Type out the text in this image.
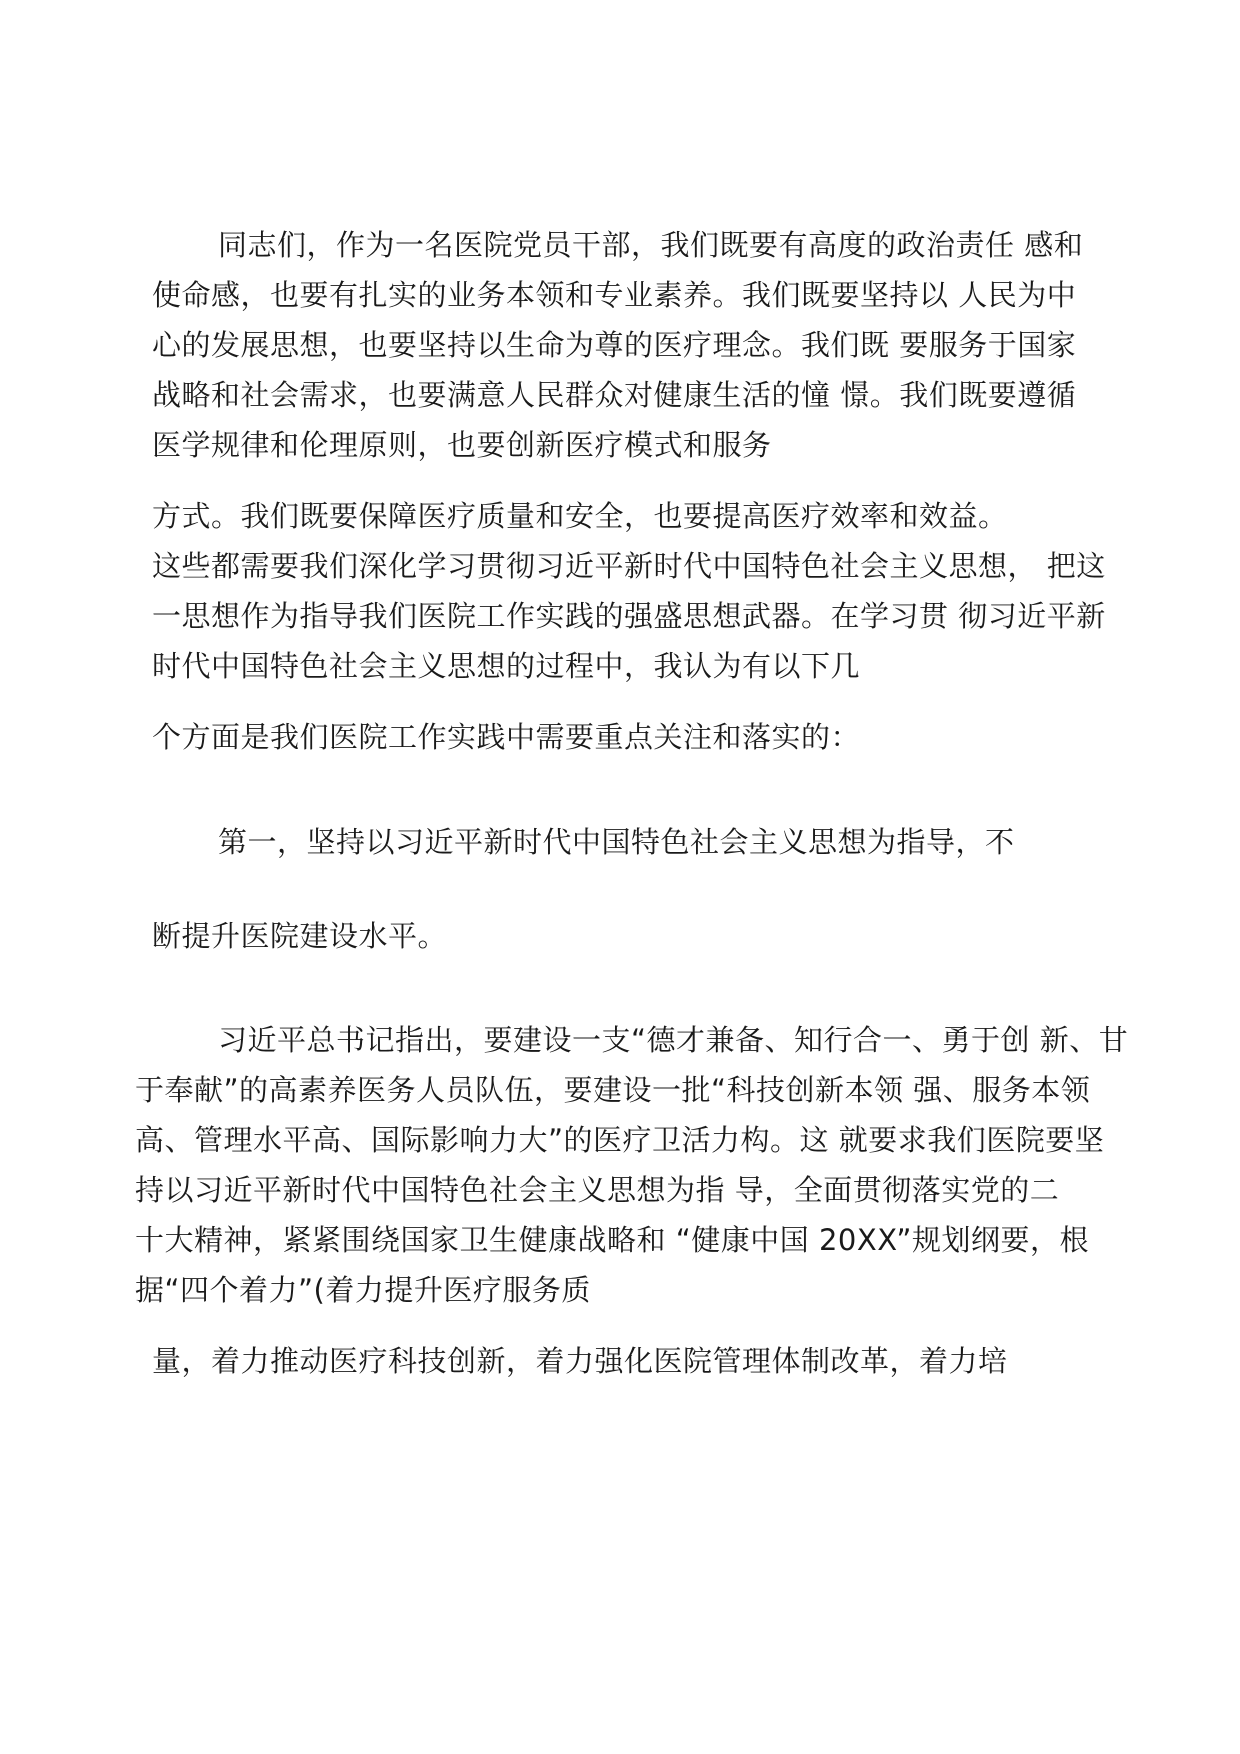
同志们，作为一名医院党员干部，我们既要有高度的政治责任 感和
使命感，也要有扎实的业务本领和专业素养。我们既要坚持以 人民为中
心的发展思想，也要坚持以生命为尊的医疗理念。我们既 要服务于国家
战略和社会需求，也要满意人民群众对健康生活的憧 憬。我们既要遵循
医学规律和伦理原则，也要创新医疗模式和服务
方式。我们既要保障医疗质量和安全，也要提高医疗效率和效益。
这些都需要我们深化学习贯彻习近平新时代中国特色社会主义思想， 把这
一思想作为指导我们医院工作实践的强盛思想武器。在学习贯 彻习近平新
时代中国特色社会主义思想的过程中，我认为有以下几
个方面是我们医院工作实践中需要重点关注和落实的：
第一，坚持以习近平新时代中国特色社会主义思想为指导，不
断提升医院建设水平。
习近平总书记指出，要建设一支“德才兼备、知行合一、勇于创 新、甘
于奉献”的高素养医务人员队伍，要建设一批“科技创新本领 强、服务本领
高、管理水平高、国际影响力大”的医疗卫活力构。这 就要求我们医院要坚
持以习近平新时代中国特色社会主义思想为指 导，全面贯彻落实党的二
十大精神，紧紧围绕国家卫生健康战略和 “健康中国 20XX”规划纲要，根
据“四个着力”(着力提升医疗服务质
量，着力推动医疗科技创新，着力强化医院管理体制改革，着力培
